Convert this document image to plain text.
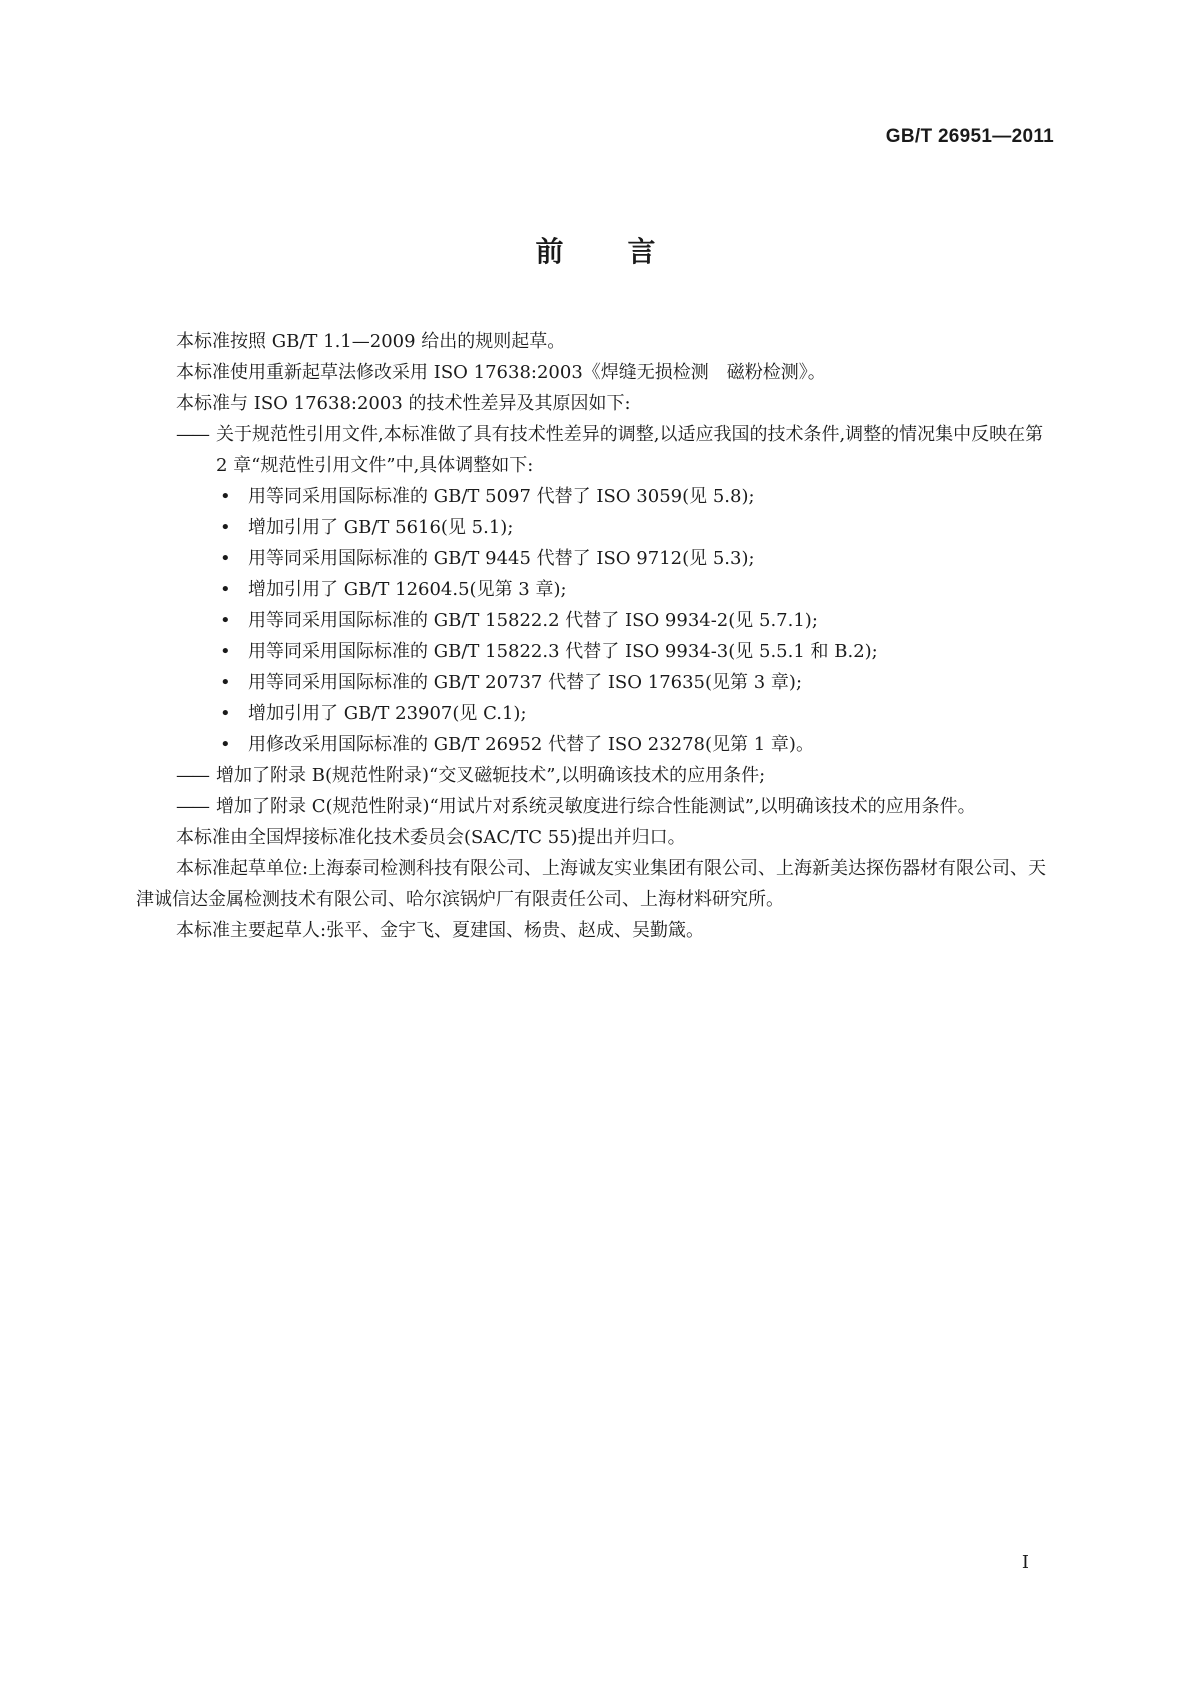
GB/T 26951—2011
前言

本标准按照 GB/T 1.1—2009 给出的规则起草。

本标准使用重新起草法修改采用 ISO 17638:2003《焊缝无损检测　磁粉检测》。

本标准与 ISO 17638:2003 的技术性差异及其原因如下:

—— 关于规范性引用文件,本标准做了具有技术性差异的调整,以适应我国的技术条件,调整的情况集中反映在第 2 章“规范性引用文件”中,具体调整如下:
• 用等同采用国际标准的 GB/T 5097 代替了 ISO 3059(见 5.8);
• 增加引用了 GB/T 5616(见 5.1);
• 用等同采用国际标准的 GB/T 9445 代替了 ISO 9712(见 5.3);
• 增加引用了 GB/T 12604.5(见第 3 章);
• 用等同采用国际标准的 GB/T 15822.2 代替了 ISO 9934-2(见 5.7.1);
• 用等同采用国际标准的 GB/T 15822.3 代替了 ISO 9934-3(见 5.5.1 和 B.2);
• 用等同采用国际标准的 GB/T 20737 代替了 ISO 17635(见第 3 章);
• 增加引用了 GB/T 23907(见 C.1);
• 用修改采用国际标准的 GB/T 26952 代替了 ISO 23278(见第 1 章)。
—— 增加了附录 B(规范性附录)“交叉磁轭技术”,以明确该技术的应用条件;
—— 增加了附录 C(规范性附录)“用试片对系统灵敏度进行综合性能测试”,以明确该技术的应用条件。

本标准由全国焊接标准化技术委员会(SAC/TC 55)提出并归口。

本标准起草单位:上海泰司检测科技有限公司、上海诚友实业集团有限公司、上海新美达探伤器材有限公司、天津诚信达金属检测技术有限公司、哈尔滨锅炉厂有限责任公司、上海材料研究所。

本标准主要起草人:张平、金宇飞、夏建国、杨贵、赵成、吴勤箴。

I
